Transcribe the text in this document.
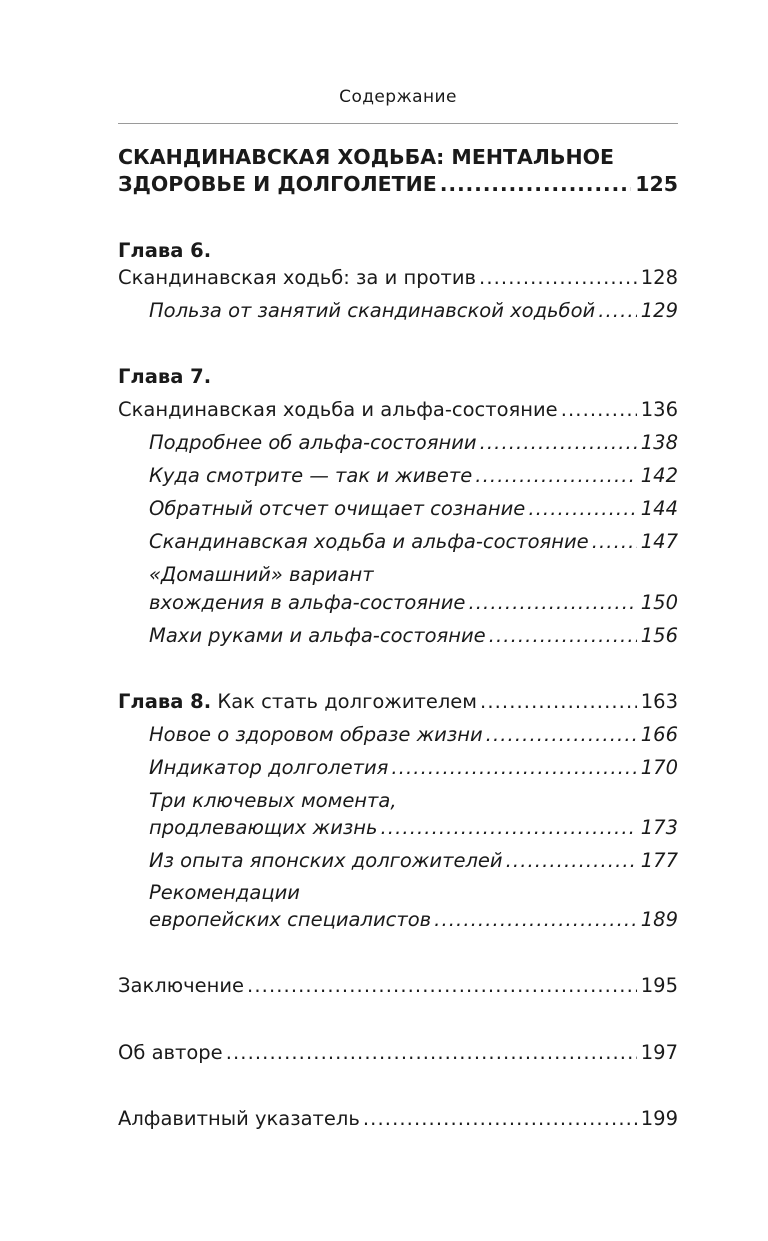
Содержание
СКАНДИНАВСКАЯ ХОДЬБА: МЕНТАЛЬНОЕ
ЗДОРОВЬЕ И ДОЛГОЛЕТИЕ .....	125
Глава 6.
Скандинавская ходьб: за и против .....	128
Польза от занятий скандинавской ходьбой ..... 129
Глава 7.
Скандинавская ходьба и альфа-состояние .....	136
Подробнее об альфа-состоянии .....	138
Куда смотрите — так и живете .....	142
Обратный отсчет очищает сознание .....	144
Скандинавская ходьба и альфа-состояние .....	147
«Домашний» вариант
вхождения в альфа-состояние .....	150
Махи руками и альфа-состояние .....	156
Глава 8. Как стать долгожителем .....	163
Новое о здоровом образе жизни .....	166
Индикатор долголетия .....	170
Три ключевых момента,
продлевающих жизнь .....	173
Из опыта японских долгожителей .....	177
Рекомендации
европейских специалистов .....	189
Заключение .....	195
Об авторе .....	197
Алфавитный указатель .....	199
